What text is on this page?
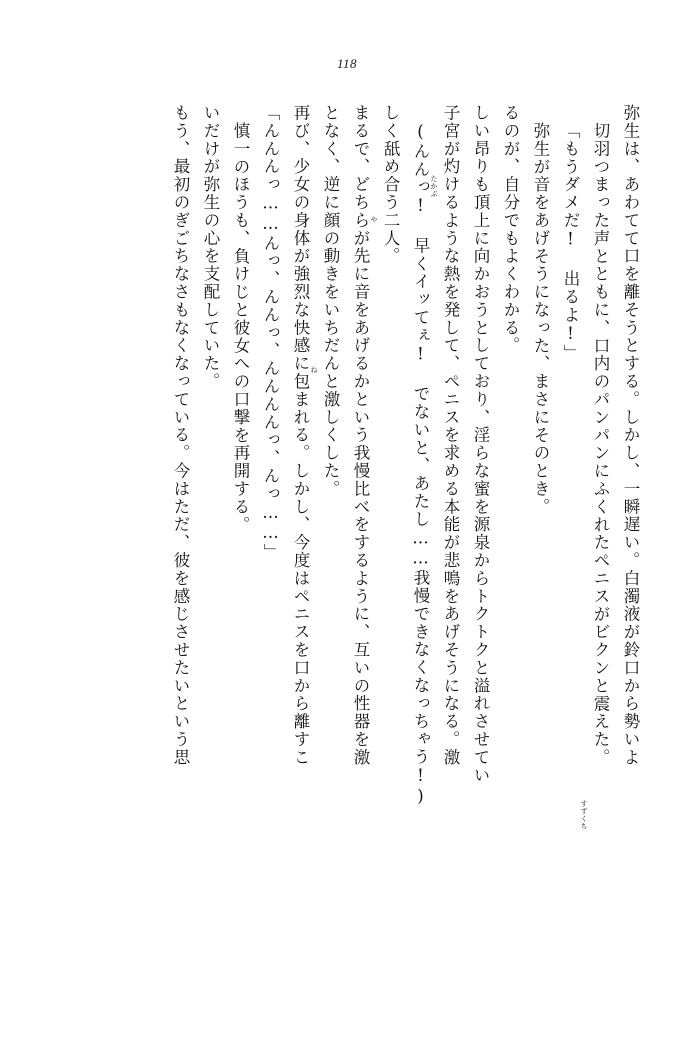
118
もう、最初のぎごちなさもなくなっている。今はただ、彼を感じさせたいという思 いだけが弥生の心を支配していた。 慎一のほうも、負けじと彼女への口撃を再開する。 「んんんっ……んっ、んんっ、んんんんっ、んっ……」 再び、少女の身体が強烈な快感に包まれる。しかし、今度はペニスを口から離すこ となく、逆に顔の動きをいちだんと激しくした。 まるで、どちらが先に音をあげるかという我慢比べをするように、互いの性器を激 しく舐め合う二人。 (んんっ! 早くイッてぇ! でないと、あたし……我慢できなくなっちゃう!) 子宮が灼けるような熱を発して、ペニスを求める本能が悲鳴をあげそうになる。激 しい昂りも頂上に向かおうとしており、淫らな蜜を源泉からトクトクと溢れさせてい るのが、自分でもよくわかる。 弥生が音をあげそうになった、まさにそのとき。 「もうダメだ! 出るよ!」 切羽つまった声とともに、口内のパンパンにふくれたペニスがビクンと震えた。 弥生は、あわてて口を離そうとする。しかし、一瞬遅い。白濁液が鈴口から勢いよ
ね
や
たかぶ
すずくち
